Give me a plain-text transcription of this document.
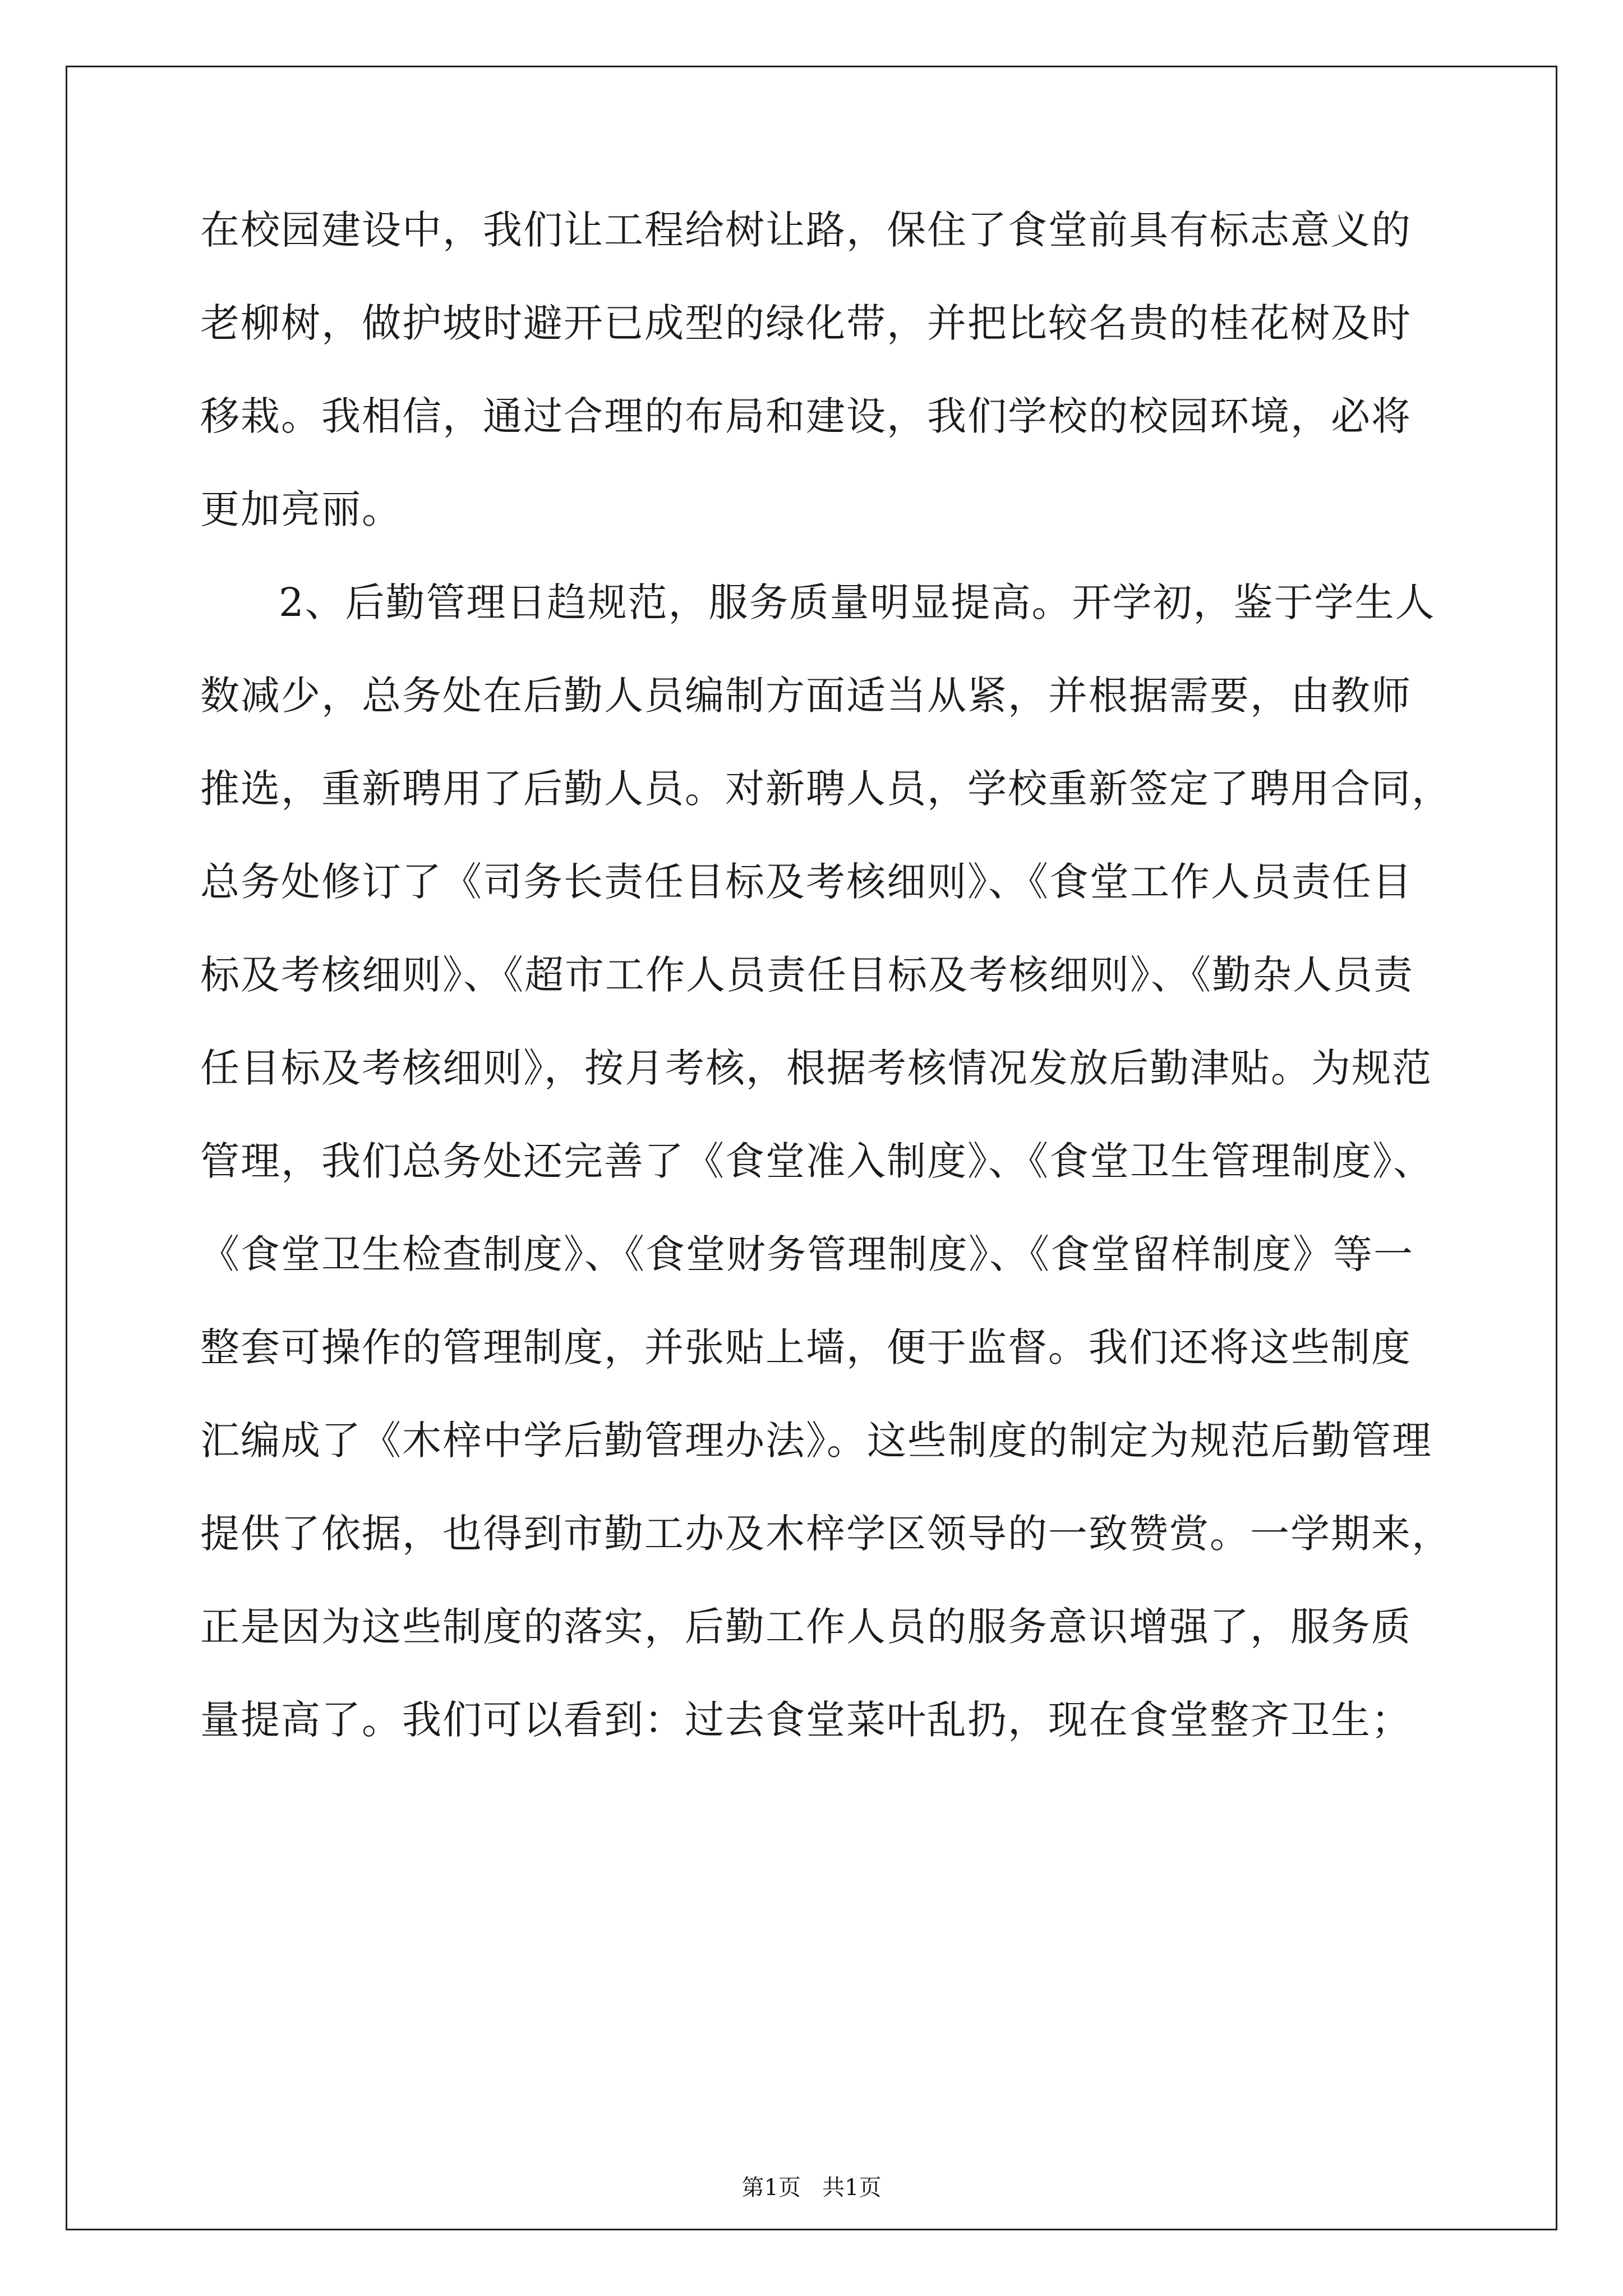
在校园建设中，我们让工程给树让路，保住了食堂前具有标志意义的
老柳树，做护坡时避开已成型的绿化带，并把比较名贵的桂花树及时
移栽。我相信，通过合理的布局和建设，我们学校的校园环境，必将
更加亮丽。
2、后勤管理日趋规范，服务质量明显提高。开学初，鉴于学生人
数减少，总务处在后勤人员编制方面适当从紧，并根据需要，由教师
推选，重新聘用了后勤人员。对新聘人员，学校重新签定了聘用合同，
总务处修订了《司务长责任目标及考核细则》、《食堂工作人员责任目
标及考核细则》、《超市工作人员责任目标及考核细则》、《勤杂人员责
任目标及考核细则》，按月考核，根据考核情况发放后勤津贴。为规范
管理，我们总务处还完善了《食堂准入制度》、《食堂卫生管理制度》、
《食堂卫生检查制度》、《食堂财务管理制度》、《食堂留样制度》等一
整套可操作的管理制度，并张贴上墙，便于监督。我们还将这些制度
汇编成了《木梓中学后勤管理办法》。这些制度的制定为规范后勤管理
提供了依据，也得到市勤工办及木梓学区领导的一致赞赏。一学期来，
正是因为这些制度的落实，后勤工作人员的服务意识增强了，服务质
量提高了。我们可以看到：过去食堂菜叶乱扔，现在食堂整齐卫生；
第1页   共1页
